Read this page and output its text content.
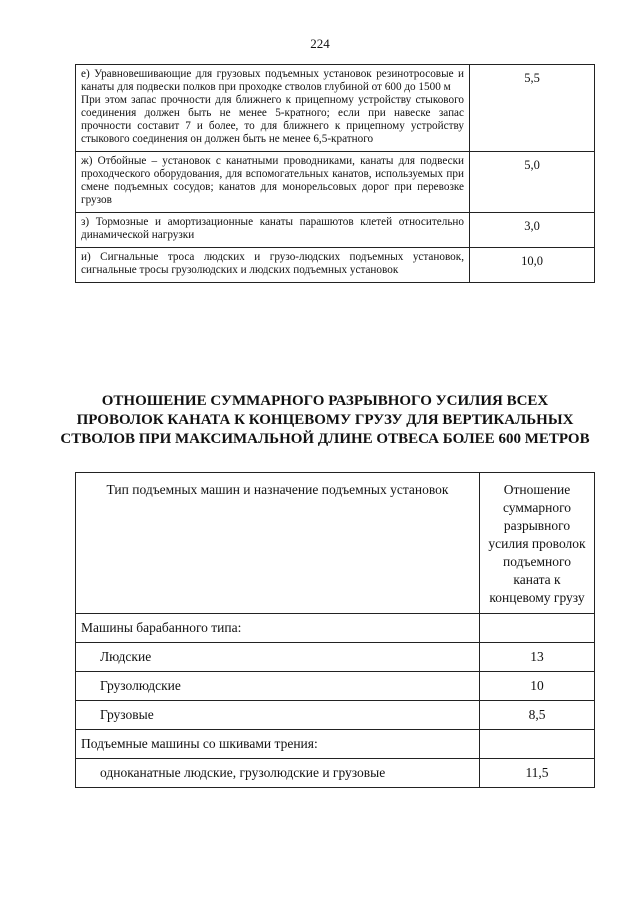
224
е) Уравновешивающие для грузовых подъемных установок резинотросовые и канаты для подвески полков при проходке стволов глубиной от 600 до 1500 м
При этом запас прочности для ближнего к прицепному устройству стыкового соединения должен быть не менее 5-кратного; если при навеске запас прочности составит 7 и более, то для ближнего к прицепному устройству стыкового соединения он должен быть не менее 6,5-кратного	5,5

ж) Отбойные – установок с канатными проводниками, канаты для подвески проходческого оборудования, для вспомогательных канатов, используемых при смене подъемных сосудов; канатов для монорельсовых дорог при перевозке грузов	5,0

з) Тормозные и амортизационные канаты парашютов клетей относительно динамической нагрузки	3,0

и) Сигнальные троса людских и грузо-людских подъемных установок, сигнальные тросы грузолюдских и людских подъемных установок	10,0
ОТНОШЕНИЕ СУММАРНОГО РАЗРЫВНОГО УСИЛИЯ ВСЕХ ПРОВОЛОК КАНАТА К КОНЦЕВОМУ ГРУЗУ ДЛЯ ВЕРТИКАЛЬНЫХ СТВОЛОВ ПРИ МАКСИМАЛЬНОЙ ДЛИНЕ ОТВЕСА БОЛЕЕ 600 МЕТРОВ
Тип подъемных машин и назначение подъемных установок	Отношение суммарного разрывного усилия проволок подъемного каната к концевому грузу
Машины барабанного типа:	
Людские	13
Грузолюдские	10
Грузовые	8,5
Подъемные машины со шкивами трения:	
одноканатные людские, грузолюдские и грузовые	11,5
